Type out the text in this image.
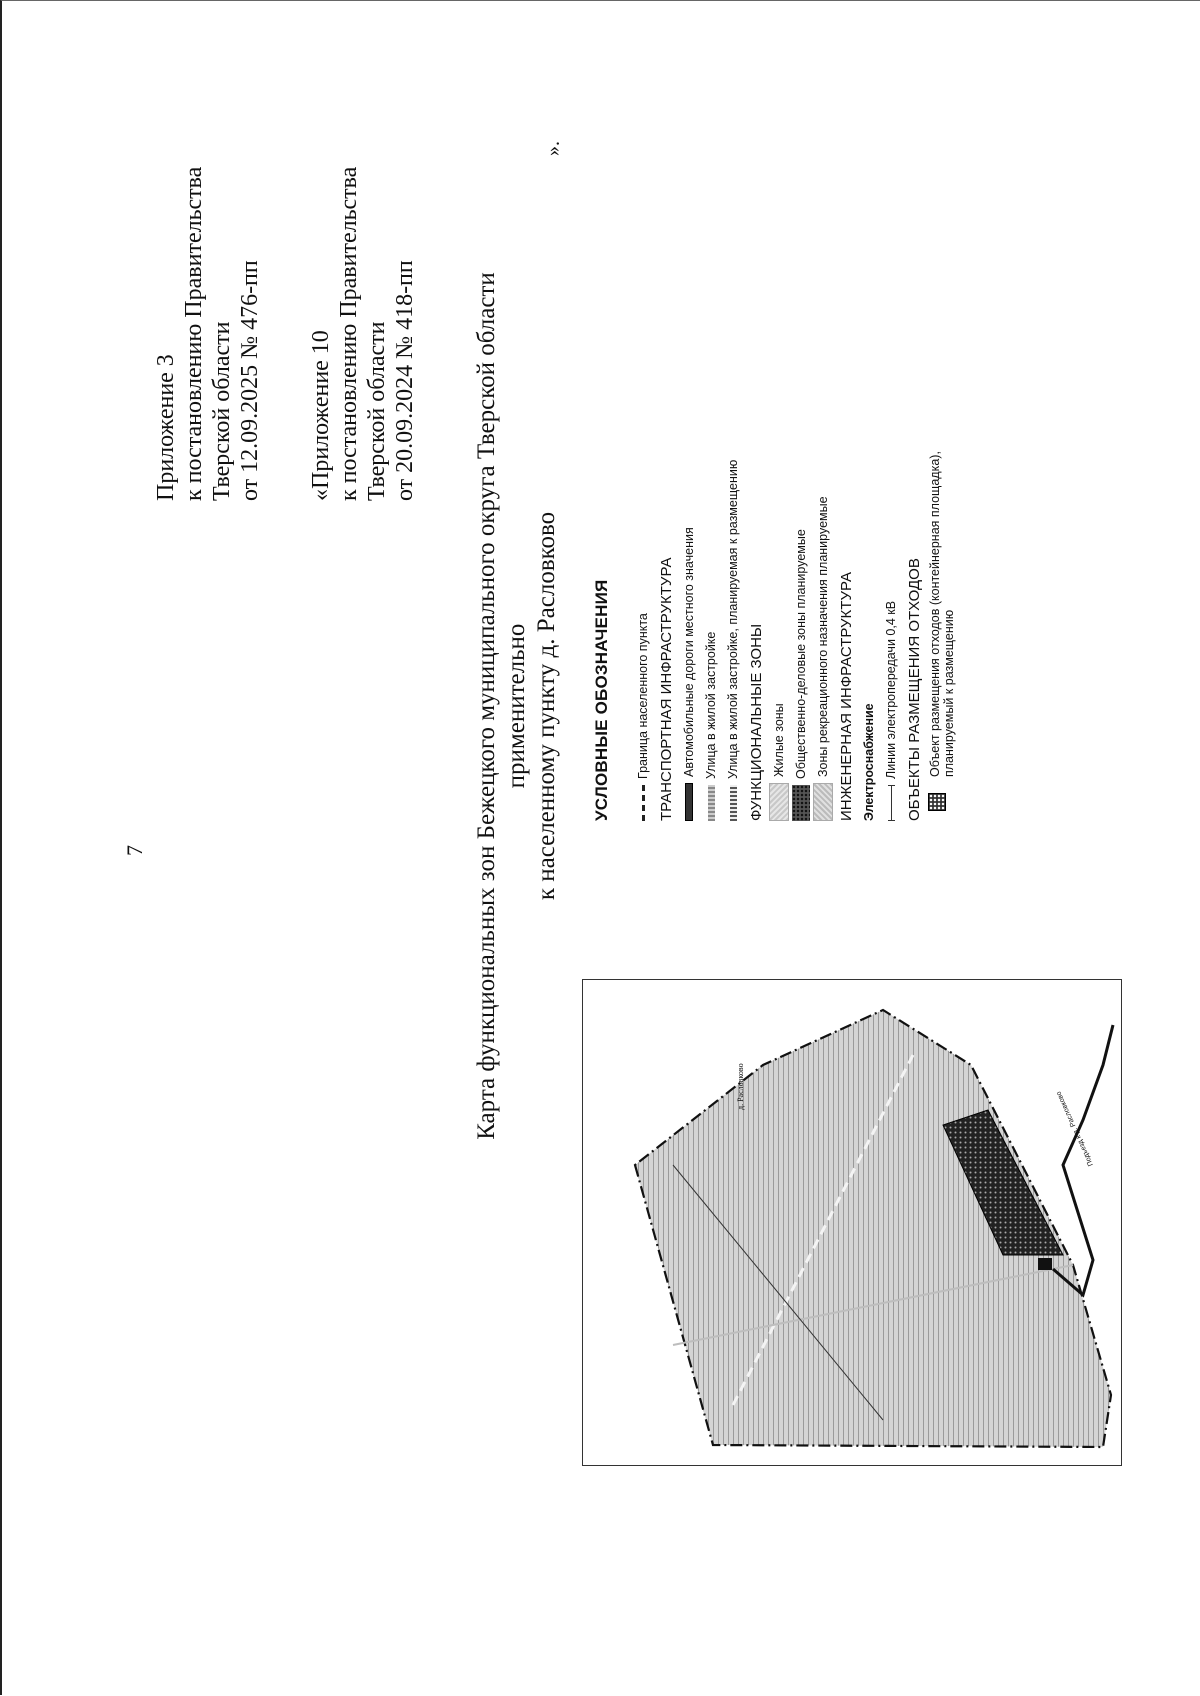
7
Приложение 3 к постановлению Правительства Тверской области от 12.09.2025 № 476-пп «Приложение 10 к постановлению Правительства Тверской области от 20.09.2024 № 418-пп
».
Карта функциональных зон Бежецкого муниципального округа Тверской области применительно к населенному пункту д. Расловково
д. Расловково
Подъезд к д. Расловково
УСЛОВНЫЕ ОБОЗНАЧЕНИЯ Граница населенного пункта ТРАНСПОРТНАЯ ИНФРАСТРУКТУРА Автомобильные дороги местного значения Улица в жилой застройке Улица в жилой застройке, планируемая к размещению ФУНКЦИОНАЛЬНЫЕ ЗОНЫ Жилые зоны Общественно-деловые зоны планируемые Зоны рекреационного назначения планируемые ИНЖЕНЕРНАЯ ИНФРАСТРУКТУРА Электроснабжение Линии электропередачи 0,4 кВ ОБЪЕКТЫ РАЗМЕЩЕНИЯ ОТХОДОВ Объект размещения отходов (контейнерная площадка),
планируемый к размещению
